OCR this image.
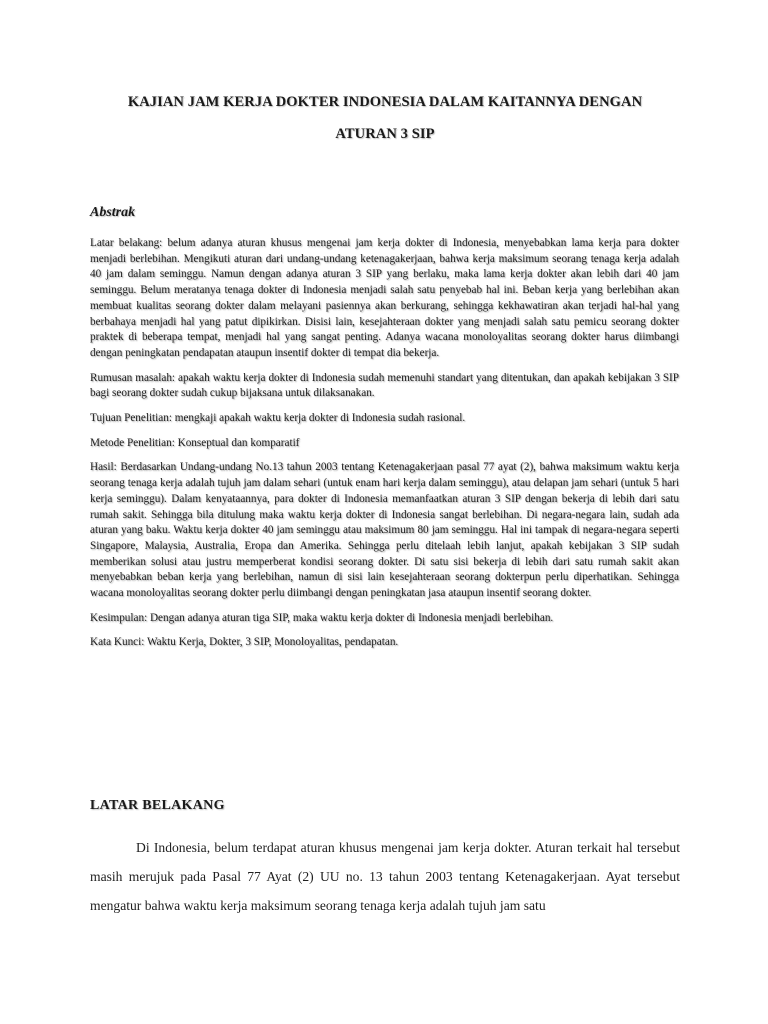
KAJIAN JAM KERJA DOKTER INDONESIA DALAM KAITANNYA DENGAN
ATURAN 3 SIP
Abstrak

Latar belakang: belum adanya aturan khusus mengenai jam kerja dokter di Indonesia, menyebabkan lama kerja para dokter menjadi berlebihan. Mengikuti aturan dari undang-undang ketenagakerjaan, bahwa kerja maksimum seorang tenaga kerja adalah 40 jam dalam seminggu. Namun dengan adanya aturan 3 SIP yang berlaku, maka lama kerja dokter akan lebih dari 40 jam seminggu. Belum meratanya tenaga dokter di Indonesia menjadi salah satu penyebab hal ini. Beban kerja yang berlebihan akan membuat kualitas seorang dokter dalam melayani pasiennya akan berkurang, sehingga kekhawatiran akan terjadi hal-hal yang berbahaya menjadi hal yang patut dipikirkan. Disisi lain, kesejahteraan dokter yang menjadi salah satu pemicu seorang dokter praktek di beberapa tempat, menjadi hal yang sangat penting. Adanya wacana monoloyalitas seorang dokter harus diimbangi dengan peningkatan pendapatan ataupun insentif dokter di tempat dia bekerja.

Rumusan masalah: apakah waktu kerja dokter di Indonesia sudah memenuhi standart yang ditentukan, dan apakah kebijakan 3 SIP bagi seorang dokter sudah cukup bijaksana untuk dilaksanakan.

Tujuan Penelitian: mengkaji apakah waktu kerja dokter di Indonesia sudah rasional.

Metode Penelitian: Konseptual dan komparatif

Hasil: Berdasarkan Undang-undang No.13 tahun 2003 tentang Ketenagakerjaan pasal 77 ayat (2), bahwa maksimum waktu kerja seorang tenaga kerja adalah tujuh jam dalam sehari (untuk enam hari kerja dalam seminggu), atau delapan jam sehari (untuk 5 hari kerja seminggu). Dalam kenyataannya, para dokter di Indonesia memanfaatkan aturan 3 SIP dengan bekerja di lebih dari satu rumah sakit. Sehingga bila ditulung maka waktu kerja dokter di Indonesia sangat berlebihan. Di negara-negara lain, sudah ada aturan yang baku. Waktu kerja dokter 40 jam seminggu atau maksimum 80 jam seminggu. Hal ini tampak di negara-negara seperti Singapore, Malaysia, Australia, Eropa dan Amerika. Sehingga perlu ditelaah lebih lanjut, apakah kebijakan 3 SIP sudah memberikan solusi atau justru memperberat kondisi seorang dokter. Di satu sisi bekerja di lebih dari satu rumah sakit akan menyebabkan beban kerja yang berlebihan, namun di sisi lain kesejahteraan seorang dokterpun perlu diperhatikan. Sehingga wacana monoloyalitas seorang dokter perlu diimbangi dengan peningkatan jasa ataupun insentif seorang dokter.

Kesimpulan: Dengan adanya aturan tiga SIP, maka waktu kerja dokter di Indonesia menjadi berlebihan.

Kata Kunci: Waktu Kerja, Dokter, 3 SIP, Monoloyalitas, pendapatan.

LATAR BELAKANG

Di Indonesia, belum terdapat aturan khusus mengenai jam kerja dokter. Aturan terkait hal tersebut masih merujuk pada Pasal 77 Ayat (2) UU no. 13 tahun 2003 tentang Ketenagakerjaan. Ayat tersebut mengatur bahwa waktu kerja maksimum seorang tenaga kerja adalah tujuh jam satu
